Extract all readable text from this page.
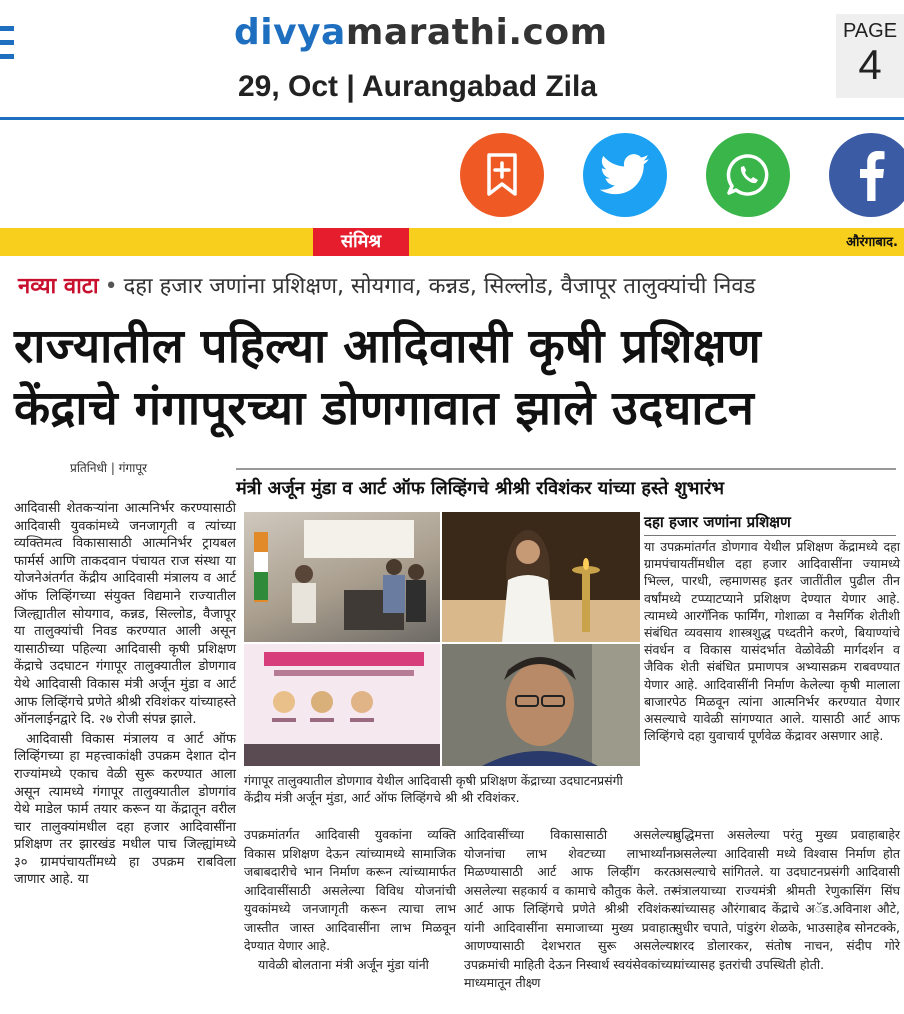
divyamarathi.com
29, Oct | Aurangabad Zila
PAGE
4
संमिश्र	औरंगाबाद.
नव्या वाटा • दहा हजार जणांना प्रशिक्षण, सोयगाव, कन्नड, सिल्लोड, वैजापूर तालुक्यांची निवड
राज्यातील पहिल्या आदिवासी कृषी प्रशिक्षण
केंद्राचे गंगापूरच्या डोणगावात झाले उदघाटन
प्रतिनिधी | गंगापूर
मंत्री अर्जून मुंडा व आर्ट ऑफ लिव्हिंगचे श्रीश्री रविशंकर यांच्या हस्ते शुभारंभ

आदिवासी शेतकऱ्यांना आत्मनिर्भर करण्यासाठी आदिवासी युवकांमध्ये जनजागृती व त्यांच्या व्यक्तिमत्व विकासासाठी आत्मनिर्भर ट्रायबल फार्मर्स आणि ताकदवान पंचायत राज संस्था या योजनेअंतर्गत केंद्रीय आदिवासी मंत्रालय व आर्ट ऑफ लिव्हिंगच्या संयुक्त विद्यमाने राज्यातील जिल्ह्यातील सोयगाव, कन्नड, सिल्लोड, वैजापूर या तालुक्यांची निवड करण्यात आली असून यासाठीच्या पहिल्या आदिवासी कृषी प्रशिक्षण केंद्राचे उदघाटन गंगापूर तालुक्यातील डोणगाव येथे आदिवासी विकास मंत्री अर्जून मुंडा व आर्ट आफ लिव्हिंगचे प्रणेते श्रीश्री रविशंकर यांच्याहस्ते ऑनलाईनद्वारे दि. २७ रोजी संपन्न झाले.

आदिवासी विकास मंत्रालय व आर्ट ऑफ लिव्हिंगच्या हा महत्त्वाकांक्षी उपक्रम देशात दोन राज्यांमध्ये एकाच वेळी सुरू करण्यात आला असून त्यामध्ये गंगापूर तालुक्यातील डोणगांव येथे माडेल फार्म तयार करून या केंद्रातून वरील चार तालुक्यांमधील दहा हजार आदिवासींना प्रशिक्षण तर झारखंड मधील पाच जिल्ह्यांमध्ये ३० ग्रामपंचायतींमध्ये हा उपक्रम राबविला जाणार आहे. या

गंगापूर तालुक्यातील डोणगाव येथील आदिवासी कृषी प्रशिक्षण केंद्राच्या उदघाटनप्रसंगी केंद्रीय मंत्री अर्जून मुंडा, आर्ट ऑफ लिव्हिंगचे श्री श्री रविशंकर.
दहा हजार जणांना प्रशिक्षण
या उपक्रमांतर्गत डोणगाव येथील प्रशिक्षण केंद्रामध्ये दहा ग्रामपंचायतींमधील दहा हजार आदिवासींना ज्यामध्ये भिल्ल, पारधी, ल्हमाणसह इतर जातींतील पुढील तीन वर्षांमध्ये टप्प्याटप्याने प्रशिक्षण देण्यात येणार आहे. त्यामध्ये आरगॅनिक फार्मिंग, गोशाळा व नैसर्गिक शेतीशी संबंधित व्यवसाय शास्त्रशुद्ध पध्दतीने करणे, बियाण्यांचे संवर्धन व विकास यासंदर्भात वेळोवेळी मार्गदर्शन व जैविक शेती संबंधित प्रमाणपत्र अभ्यासक्रम राबवण्यात येणार आहे. आदिवासींनी निर्माण केलेल्या कृषी मालाला बाजारपेठ मिळवून त्यांना आत्मनिर्भर करण्यात येणार असल्याचे यावेळी सांगण्यात आले. यासाठी आर्ट आफ लिव्हिंगचे दहा युवाचार्य पूर्णवेळ केंद्रावर असणार आहे.
उपक्रमांतर्गत आदिवासी युवकांना व्यक्ति विकास प्रशिक्षण देऊन त्यांच्यामध्ये सामाजिक जबाबदारीचे भान निर्माण करून त्यांच्यामार्फत आदिवासींसाठी असलेल्या विविध योजनांची युवकांमध्ये जनजागृती करून त्याचा लाभ जास्तीत जास्त आदिवासींना लाभ मिळवून देण्यात येणार आहे.
यावेळी बोलताना मंत्री अर्जून मुंडा यांनी
आदिवासींच्या विकासासाठी असलेल्या योजनांचा लाभ शेवटच्या लाभार्थ्यांना मिळण्यासाठी आर्ट आफ लिव्हींग करत असलेल्या सहकार्य व कामाचे कौतुक केले. तर आर्ट आफ लिव्हिंगचे प्रणेते श्रीश्री रविशंकर यांनी आदिवासींना समाजाच्या मुख्य प्रवाहात आणण्यासाठी देशभरात सुरू असलेल्या उपक्रमांची माहिती देऊन निस्वार्थ स्वयंसेवकांच्या माध्यमातून तीक्ष्ण
बुद्धिमत्ता असलेल्या परंतु मुख्य प्रवाहाबाहेर असलेल्या आदिवासी मध्ये विश्वास निर्माण होत असल्याचे सांगितले. या उदघाटनप्रसंगी आदिवासी मंत्रालयाच्या राज्यमंत्री श्रीमती रेणुकासिंग सिंघ यांच्यासह औरंगाबाद केंद्राचे अॅड.अविनाश औटे, सुधीर चपाते, पांडुरंग शेळके, भाउसाहेब सोनटक्के, शरद डोलारकर, संतोष नाचन, संदीप गोरे यांच्यासह इतरांची उपस्थिती होती.
